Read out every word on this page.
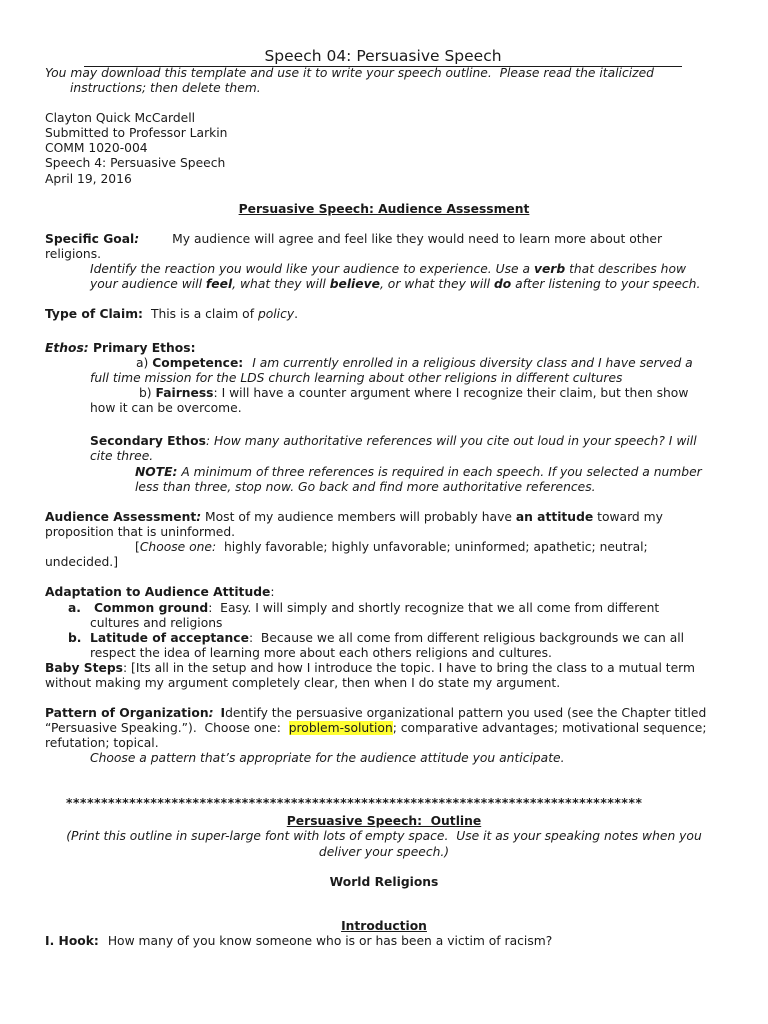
Speech 04: Persuasive Speech
You may download this template and use it to write your speech outline.  Please read the italicized
instructions; then delete them.
Clayton Quick McCardell
Submitted to Professor Larkin
COMM 1020-004
Speech 4: Persuasive Speech
April 19, 2016
Persuasive Speech: Audience Assessment
Specific Goal:	My audience will agree and feel like they would need to learn more about other
religions.
Identify the reaction you would like your audience to experience. Use a verb that describes how
your audience will feel, what they will believe, or what they will do after listening to your speech.
Type of Claim: This is a claim of policy.
Ethos: Primary Ethos:
a) Competence: I am currently enrolled in a religious diversity class and I have served a
full time mission for the LDS church learning about other religions in different cultures
b) Fairness: I will have a counter argument where I recognize their claim, but then show
how it can be overcome.
Secondary Ethos: How many authoritative references will you cite out loud in your speech? I will
cite three.
NOTE: A minimum of three references is required in each speech. If you selected a number
less than three, stop now. Go back and find more authoritative references.
Audience Assessment: Most of my audience members will probably have an attitude toward my
proposition that is uninformed.
[Choose one:  highly favorable; highly unfavorable; uninformed; apathetic; neutral;
undecided.]
Adaptation to Audience Attitude:
a. Common ground:  Easy. I will simply and shortly recognize that we all come from different
cultures and religions
b. Latitude of acceptance:  Because we all come from different religious backgrounds we can all
respect the idea of learning more about each others religions and cultures.
Baby Steps: [Its all in the setup and how I introduce the topic. I have to bring the class to a mutual term
without making my argument completely clear, then when I do state my argument.
Pattern of Organization: Identify the persuasive organizational pattern you used (see the Chapter titled
“Persuasive Speaking.”).  Choose one:  problem-solution; comparative advantages; motivational sequence;
refutation; topical.
Choose a pattern that’s appropriate for the audience attitude you anticipate.
**********************************************************************************
Persuasive Speech:  Outline
(Print this outline in super-large font with lots of empty space.  Use it as your speaking notes when you
deliver your speech.)
World Religions
Introduction
I. Hook: How many of you know someone who is or has been a victim of racism?
